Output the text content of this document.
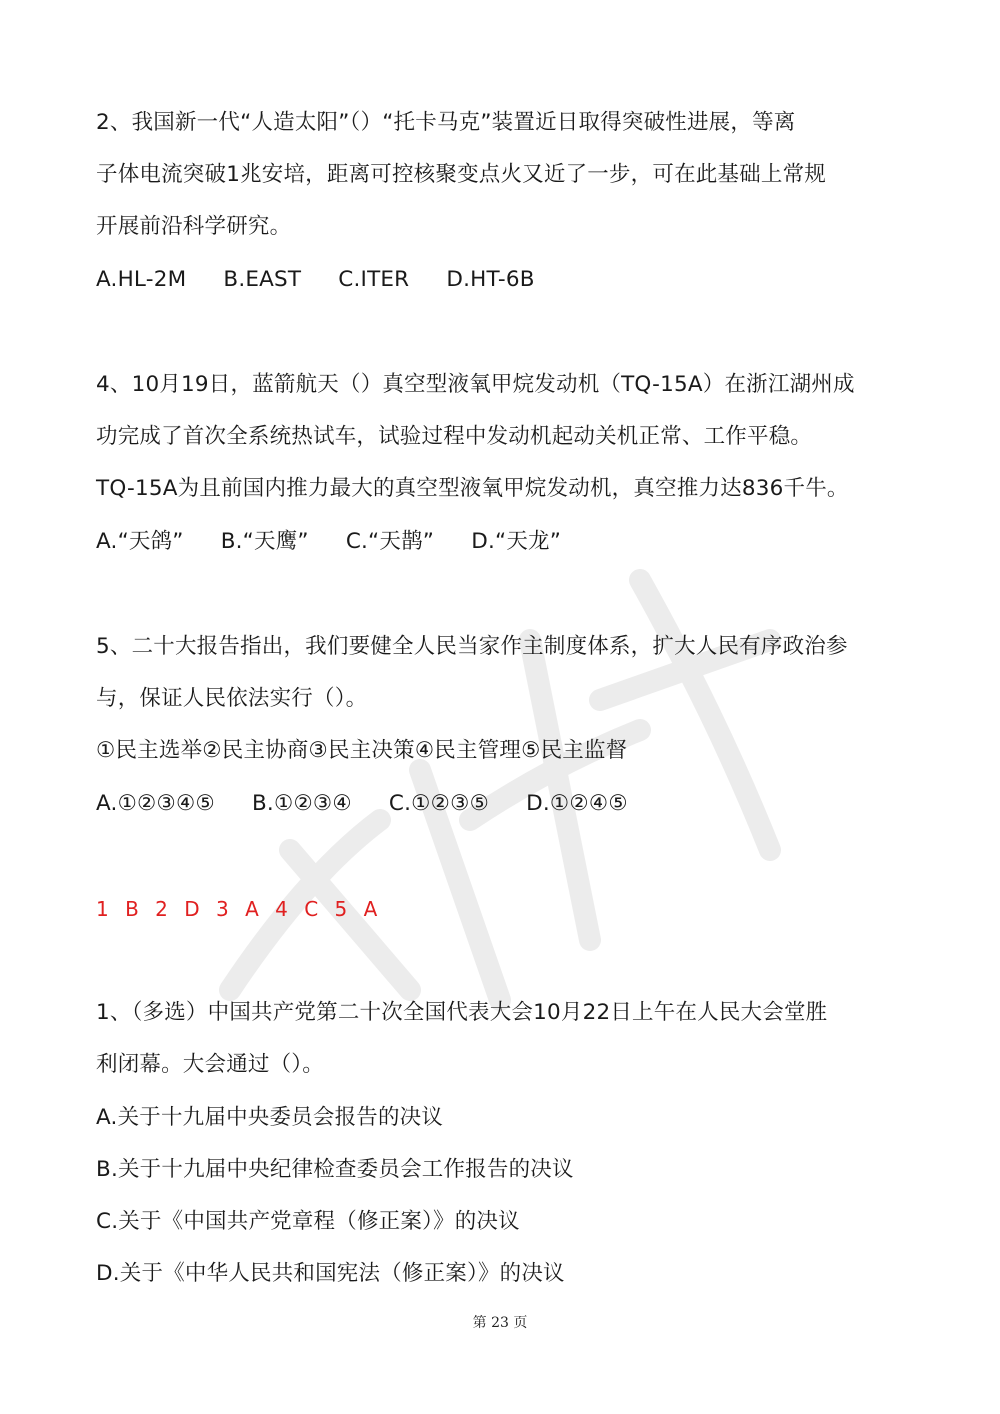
2、我国新一代“人造太阳”（）“托卡马克”装置近日取得突破性进展，等离
子体电流突破1兆安培，距离可控核聚变点火又近了一步，可在此基础上常规
开展前沿科学研究。
A.HL-2M B.EAST C.ITER D.HT-6B
4、10月19日，蓝箭航天（）真空型液氧甲烷发动机（TQ-15A）在浙江湖州成
功完成了首次全系统热试车，试验过程中发动机起动关机正常、工作平稳。
TQ-15A为且前国内推力最大的真空型液氧甲烷发动机，真空推力达836千牛。
A.“天鸽” B.“天鹰” C.“天鹊” D.“天龙”
5、二十大报告指出，我们要健全人民当家作主制度体系，扩大人民有序政治参
与，保证人民依法实行（）。
①民主选举②民主协商③民主决策④民主管理⑤民主监督
A.①②③④⑤ B.①②③④ C.①②③⑤ D.①②④⑤
1 B 2 D 3 A 4 C 5 A
1、（多选）中国共产党第二十次全国代表大会10月22日上午在人民大会堂胜
利闭幕。大会通过（）。
A.关于十九届中央委员会报告的决议
B.关于十九届中央纪律检查委员会工作报告的决议
C.关于《中国共产党章程（修正案）》的决议
D.关于《中华人民共和国宪法（修正案）》的决议
第 23 页
